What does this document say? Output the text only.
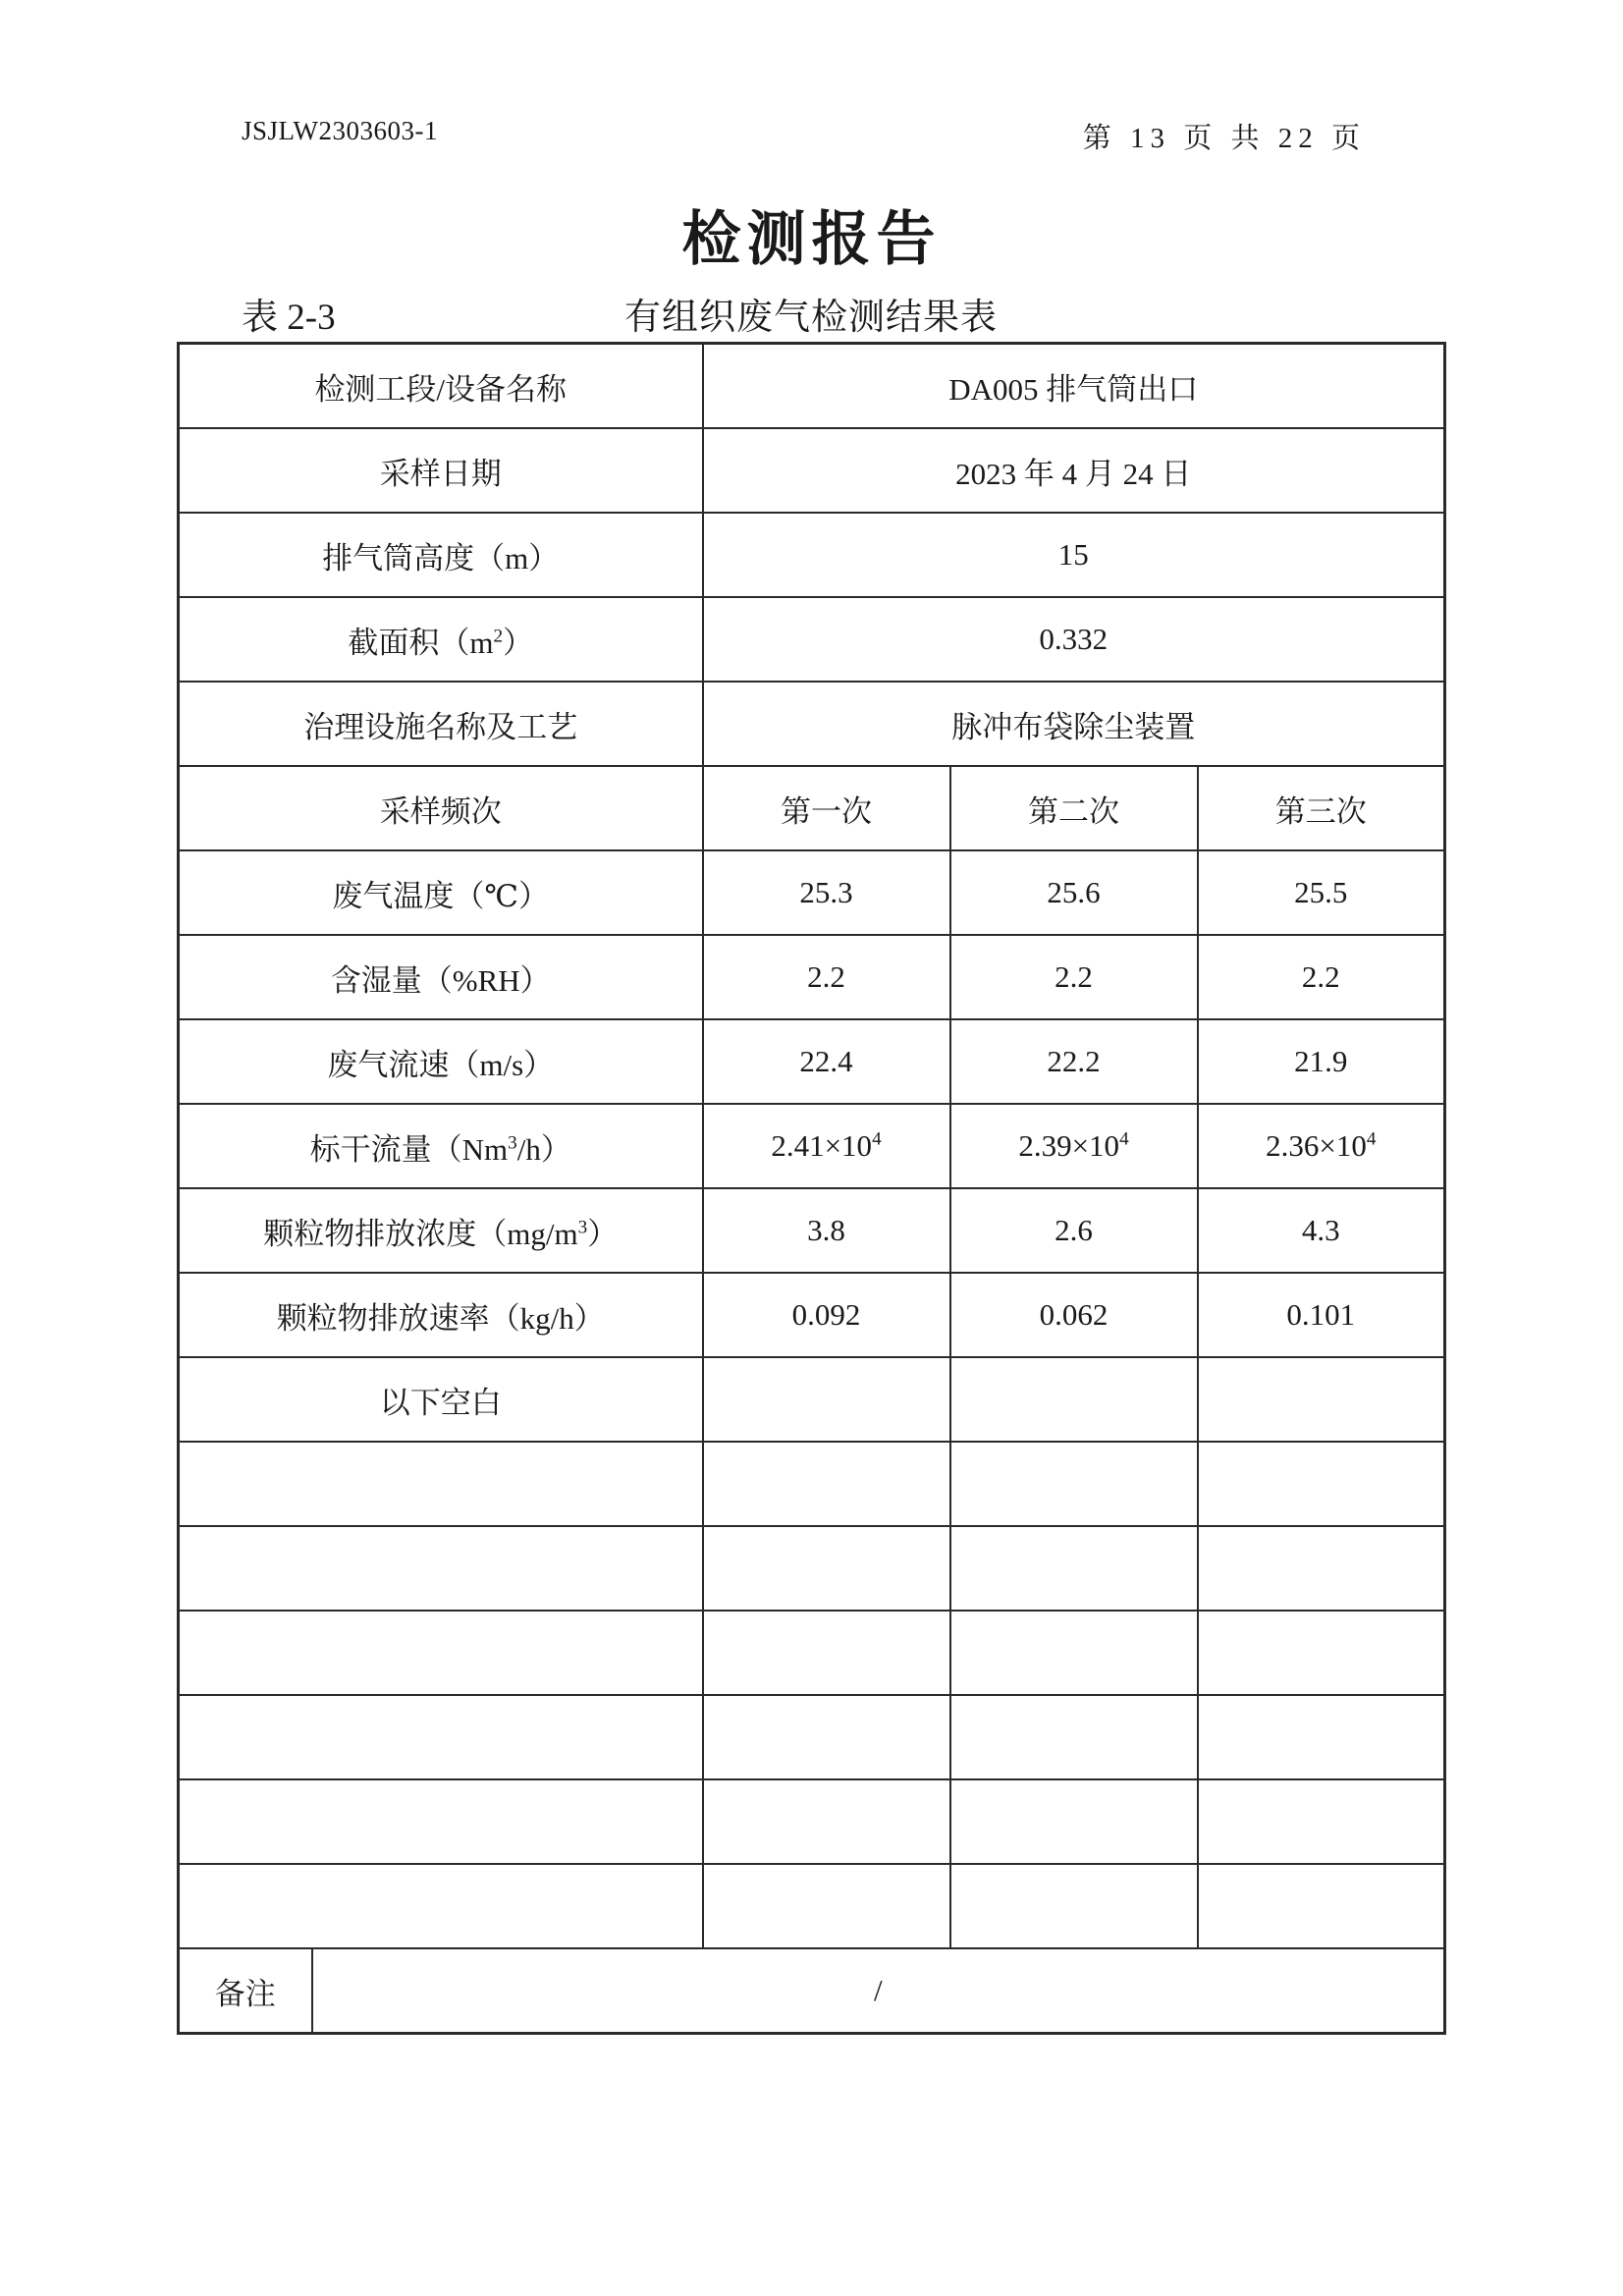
JSJLW2303603-1	第 13 页 共 22 页
检测报告
表 2-3	有组织废气检测结果表
检测工段/设备名称		DA005 排气筒出口		
采样日期		2023 年 4 月 24 日		
排气筒高度（m）		15		
截面积$(m^2)$		0.332		
治理设施名称及工艺		脉冲布袋除尘装置		
采样频次		第一次	第二次	第三次
废气温度（℃）		25.3	25.6	25.5
含湿量（%RH）		2.2	2.2	2.2
废气流速（m/s）		22.4	22.2	21.9
标干流量（Nm$^3$/h）		$2.41\times 10^4$	$2.39\times 10^4$	$2.36\times 10^4$
颗粒物排放浓度$(mg/m^3)$		3.8	2.6	4.3
颗粒物排放速率（kg/h）		0.092	0.062	0.101
以下空白				

备注	/			
